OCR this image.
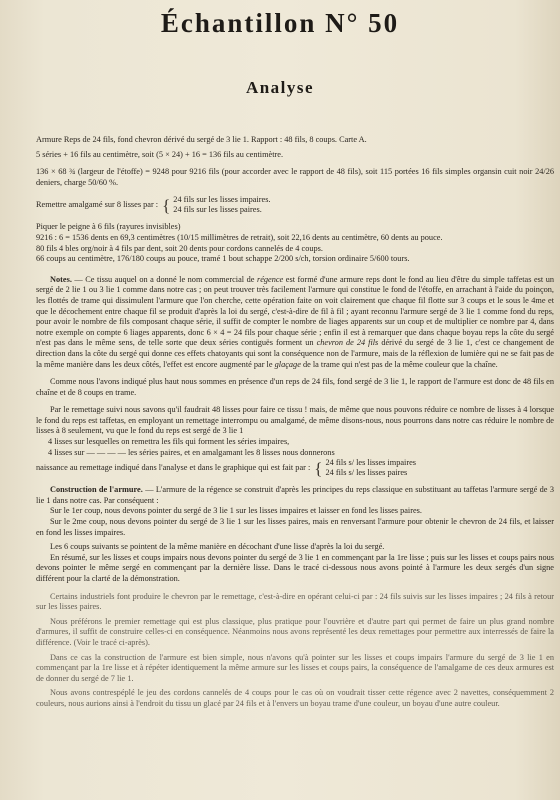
Échantillon N° 50
Analyse

Armure Reps de 24 fils, fond chevron dérivé du sergé de 3 lie 1. Rapport : 48 fils, 8 coups. Carte A.

5 séries + 16 fils au centimètre, soit (5 × 24) + 16 = 136 fils au centimètre.

136 × 68 ¾ (largeur de l'étoffe) = 9248 pour 9216 fils (pour accorder avec le rapport de 48 fils), soit 115 portées 16 fils simples organsin cuit noir 24/26 deniers, charge 50/60 %.

Remettre amalgamé sur 8 lisses par : { 24 fils sur les lisses impaires.
24 fils sur les lisses paires.

Piquer le peigne à 6 fils (rayures invisibles)

9216 : 6 = 1536 dents en 69,3 centimètres (10/15 millimètres de retrait), soit 22,16 dents au centimètre, 60 dents au pouce.

80 fils 4 bles org/noir à 4 fils par dent, soit 20 dents pour cordons cannelés de 4 coups.

66 coups au centimètre, 176/180 coups au pouce, tramé 1 bout schappe 2/200 s/ch, torsion ordinaire 5/600 tours.

Notes. — Ce tissu auquel on a donné le nom commercial de régence est formé d'une armure reps dont le fond au lieu d'être du simple taffetas est un sergé de 2 lie 1 ou 3 lie 1 comme dans notre cas ; on peut trouver très facilement l'armure qui constitue le fond de l'étoffe, en arrachant à l'aide du poinçon, les flottés de trame qui dissimulent l'armure que l'on cherche, cette opération faite on voit clairement que chaque fil flotte sur 3 coups et le sous le 4me et que le décochement entre chaque fil se produit d'après la loi du sergé, c'est-à-dire de fil à fil ; ayant reconnu l'armure sergé de 3 lie 1 comme fond du reps, pour avoir le nombre de fils composant chaque série, il suffit de compter le nombre de liages apparents sur un coup et de multiplier ce nombre par 4, dans notre exemple on compte 6 liages apparents, donc 6 × 4 = 24 fils pour chaque série ; enfin il est à remarquer que dans chaque boyau reps la côte du sergé n'est pas dans le même sens, de telle sorte que deux séries contiguës forment un chevron de 24 fils dérivé du sergé de 3 lie 1, c'est ce changement de direction dans la côte du sergé qui donne ces effets chatoyants qui sont la conséquence non de l'armure, mais de la réflexion de lumière qui ne se fait pas de la même manière dans les deux côtés, l'effet est encore augmenté par le glaçage de la trame qui n'est pas de la même couleur que la chaîne.

Comme nous l'avons indiqué plus haut nous sommes en présence d'un reps de 24 fils, fond sergé de 3 lie 1, le rapport de l'armure est donc de 48 fils en chaîne et de 8 coups en trame.

Par le remettage suivi nous savons qu'il faudrait 48 lisses pour faire ce tissu ! mais, de même que nous pouvons réduire ce nombre de lisses à 4 lorsque le fond du reps est taffetas, en employant un remettage interrompu ou amalgamé, de même disons-nous, nous pourrons dans notre cas réduire le nombre de lisses à 8 seulement, vu que le fond du reps est sergé de 3 lie 1

4 lisses sur lesquelles on remettra les fils qui forment les séries impaires,

4 lisses sur — — — — les séries paires, et en amalgamant les 8 lisses nous donnerons

naissance au remettage indiqué dans l'analyse et dans le graphique qui est fait par : { 24 fils s/ les lisses impaires
24 fils s/ les lisses paires

Construction de l'armure. — L'armure de la régence se construit d'après les principes du reps classique en substituant au taffetas l'armure sergé de 3 lie 1 dans notre cas. Par conséquent :

Sur le 1er coup, nous devons pointer du sergé de 3 lie 1 sur les lisses impaires et laisser en fond les lisses paires.

Sur le 2me coup, nous devons pointer du sergé de 3 lie 1 sur les lisses paires, mais en renversant l'armure pour obtenir le chevron de 24 fils, et laisser en fond les lisses impaires.

Les 6 coups suivants se pointent de la même manière en décochant d'une lisse d'après la loi du sergé.

En résumé, sur les lisses et coups impairs nous devons pointer du sergé de 3 lie 1 en commençant par la 1re lisse ; puis sur les lisses et coups pairs nous devons pointer le même sergé en commençant par la dernière lisse. Dans le tracé ci-dessous nous avons pointé à l'armure les deux sergés d'un signe différent pour la clarté de la démonstration.

Certains industriels font produire le chevron par le remettage, c'est-à-dire en opérant celui-ci par : 24 fils suivis sur les lisses impaires ; 24 fils à retour sur les lisses paires.

Nous préférons le premier remettage qui est plus classique, plus pratique pour l'ouvrière et d'autre part qui permet de faire un plus grand nombre d'armures, il suffit de construire celles-ci en conséquence. Néanmoins nous avons représenté les deux remettages pour permettre aux interressés de faire la différence. (Voir le tracé ci-après).

Dans ce cas la construction de l'armure est bien simple, nous n'avons qu'à pointer sur les lisses et coups impairs l'armure du sergé de 3 lie 1 en commençant par la 1re lisse et à répéter identiquement la même armure sur les lisses et coups pairs, la conséquence de l'amalgame de ces deux armures est de donner du sergé de 7 lie 1.

Nous avons contrespéplé le jeu des cordons cannelés de 4 coups pour le cas où on voudrait tisser cette régence avec 2 navettes, conséquemment 2 couleurs, nous aurions ainsi à l'endroit du tissu un glacé par 24 fils et à l'envers un boyau trame d'une couleur, un boyau d'une autre couleur.
